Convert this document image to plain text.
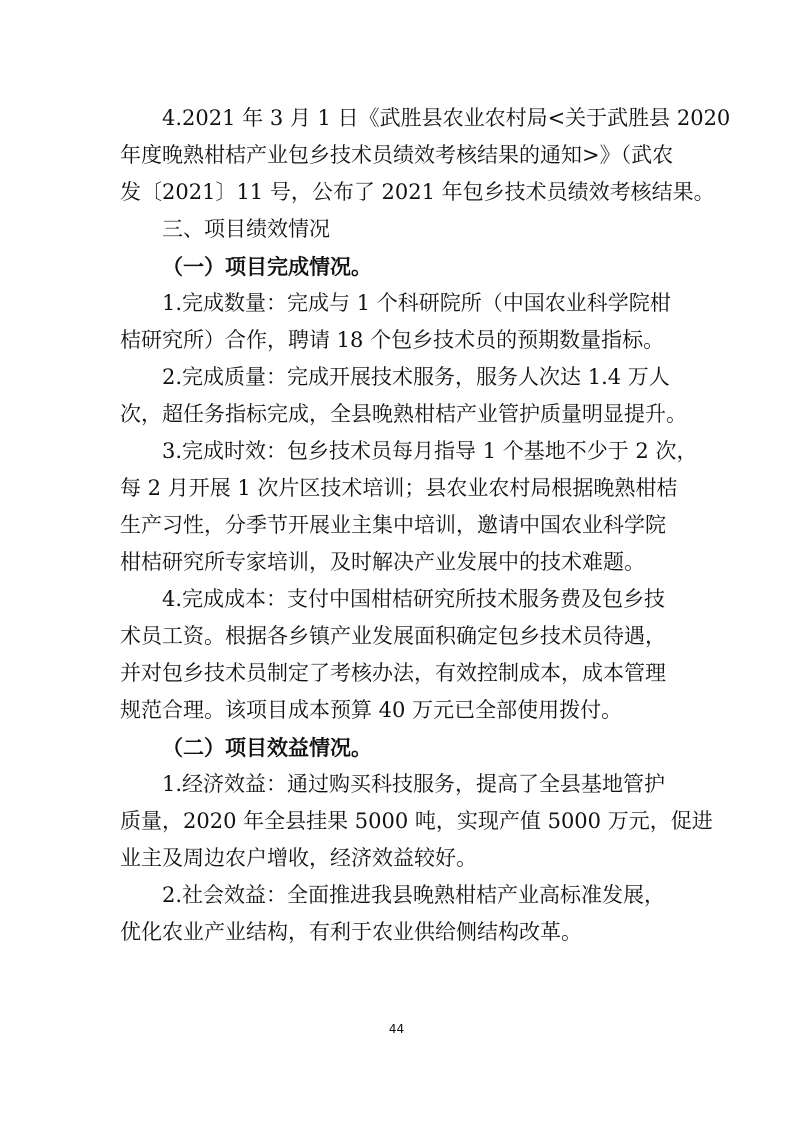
4.2021 年 3 月 1 日《武胜县农业农村局<关于武胜县 2020
年度晚熟柑桔产业包乡技术员绩效考核结果的通知>》（武农
发〔2021〕11 号，公布了 2021 年包乡技术员绩效考核结果。

三、项目绩效情况

（一）项目完成情况。

1.完成数量：完成与 1 个科研院所（中国农业科学院柑
桔研究所）合作，聘请 18 个包乡技术员的预期数量指标。

2.完成质量：完成开展技术服务，服务人次达 1.4 万人
次，超任务指标完成，全县晚熟柑桔产业管护质量明显提升。

3.完成时效：包乡技术员每月指导 1 个基地不少于 2 次，
每 2 月开展 1 次片区技术培训；县农业农村局根据晚熟柑桔
生产习性，分季节开展业主集中培训，邀请中国农业科学院
柑桔研究所专家培训，及时解决产业发展中的技术难题。

4.完成成本：支付中国柑桔研究所技术服务费及包乡技
术员工资。根据各乡镇产业发展面积确定包乡技术员待遇，
并对包乡技术员制定了考核办法，有效控制成本，成本管理
规范合理。该项目成本预算 40 万元已全部使用拨付。

（二）项目效益情况。

1.经济效益：通过购买科技服务，提高了全县基地管护
质量，2020 年全县挂果 5000 吨，实现产值 5000 万元，促进
业主及周边农户增收，经济效益较好。

2.社会效益：全面推进我县晚熟柑桔产业高标准发展，
优化农业产业结构，有利于农业供给侧结构改革。

44
